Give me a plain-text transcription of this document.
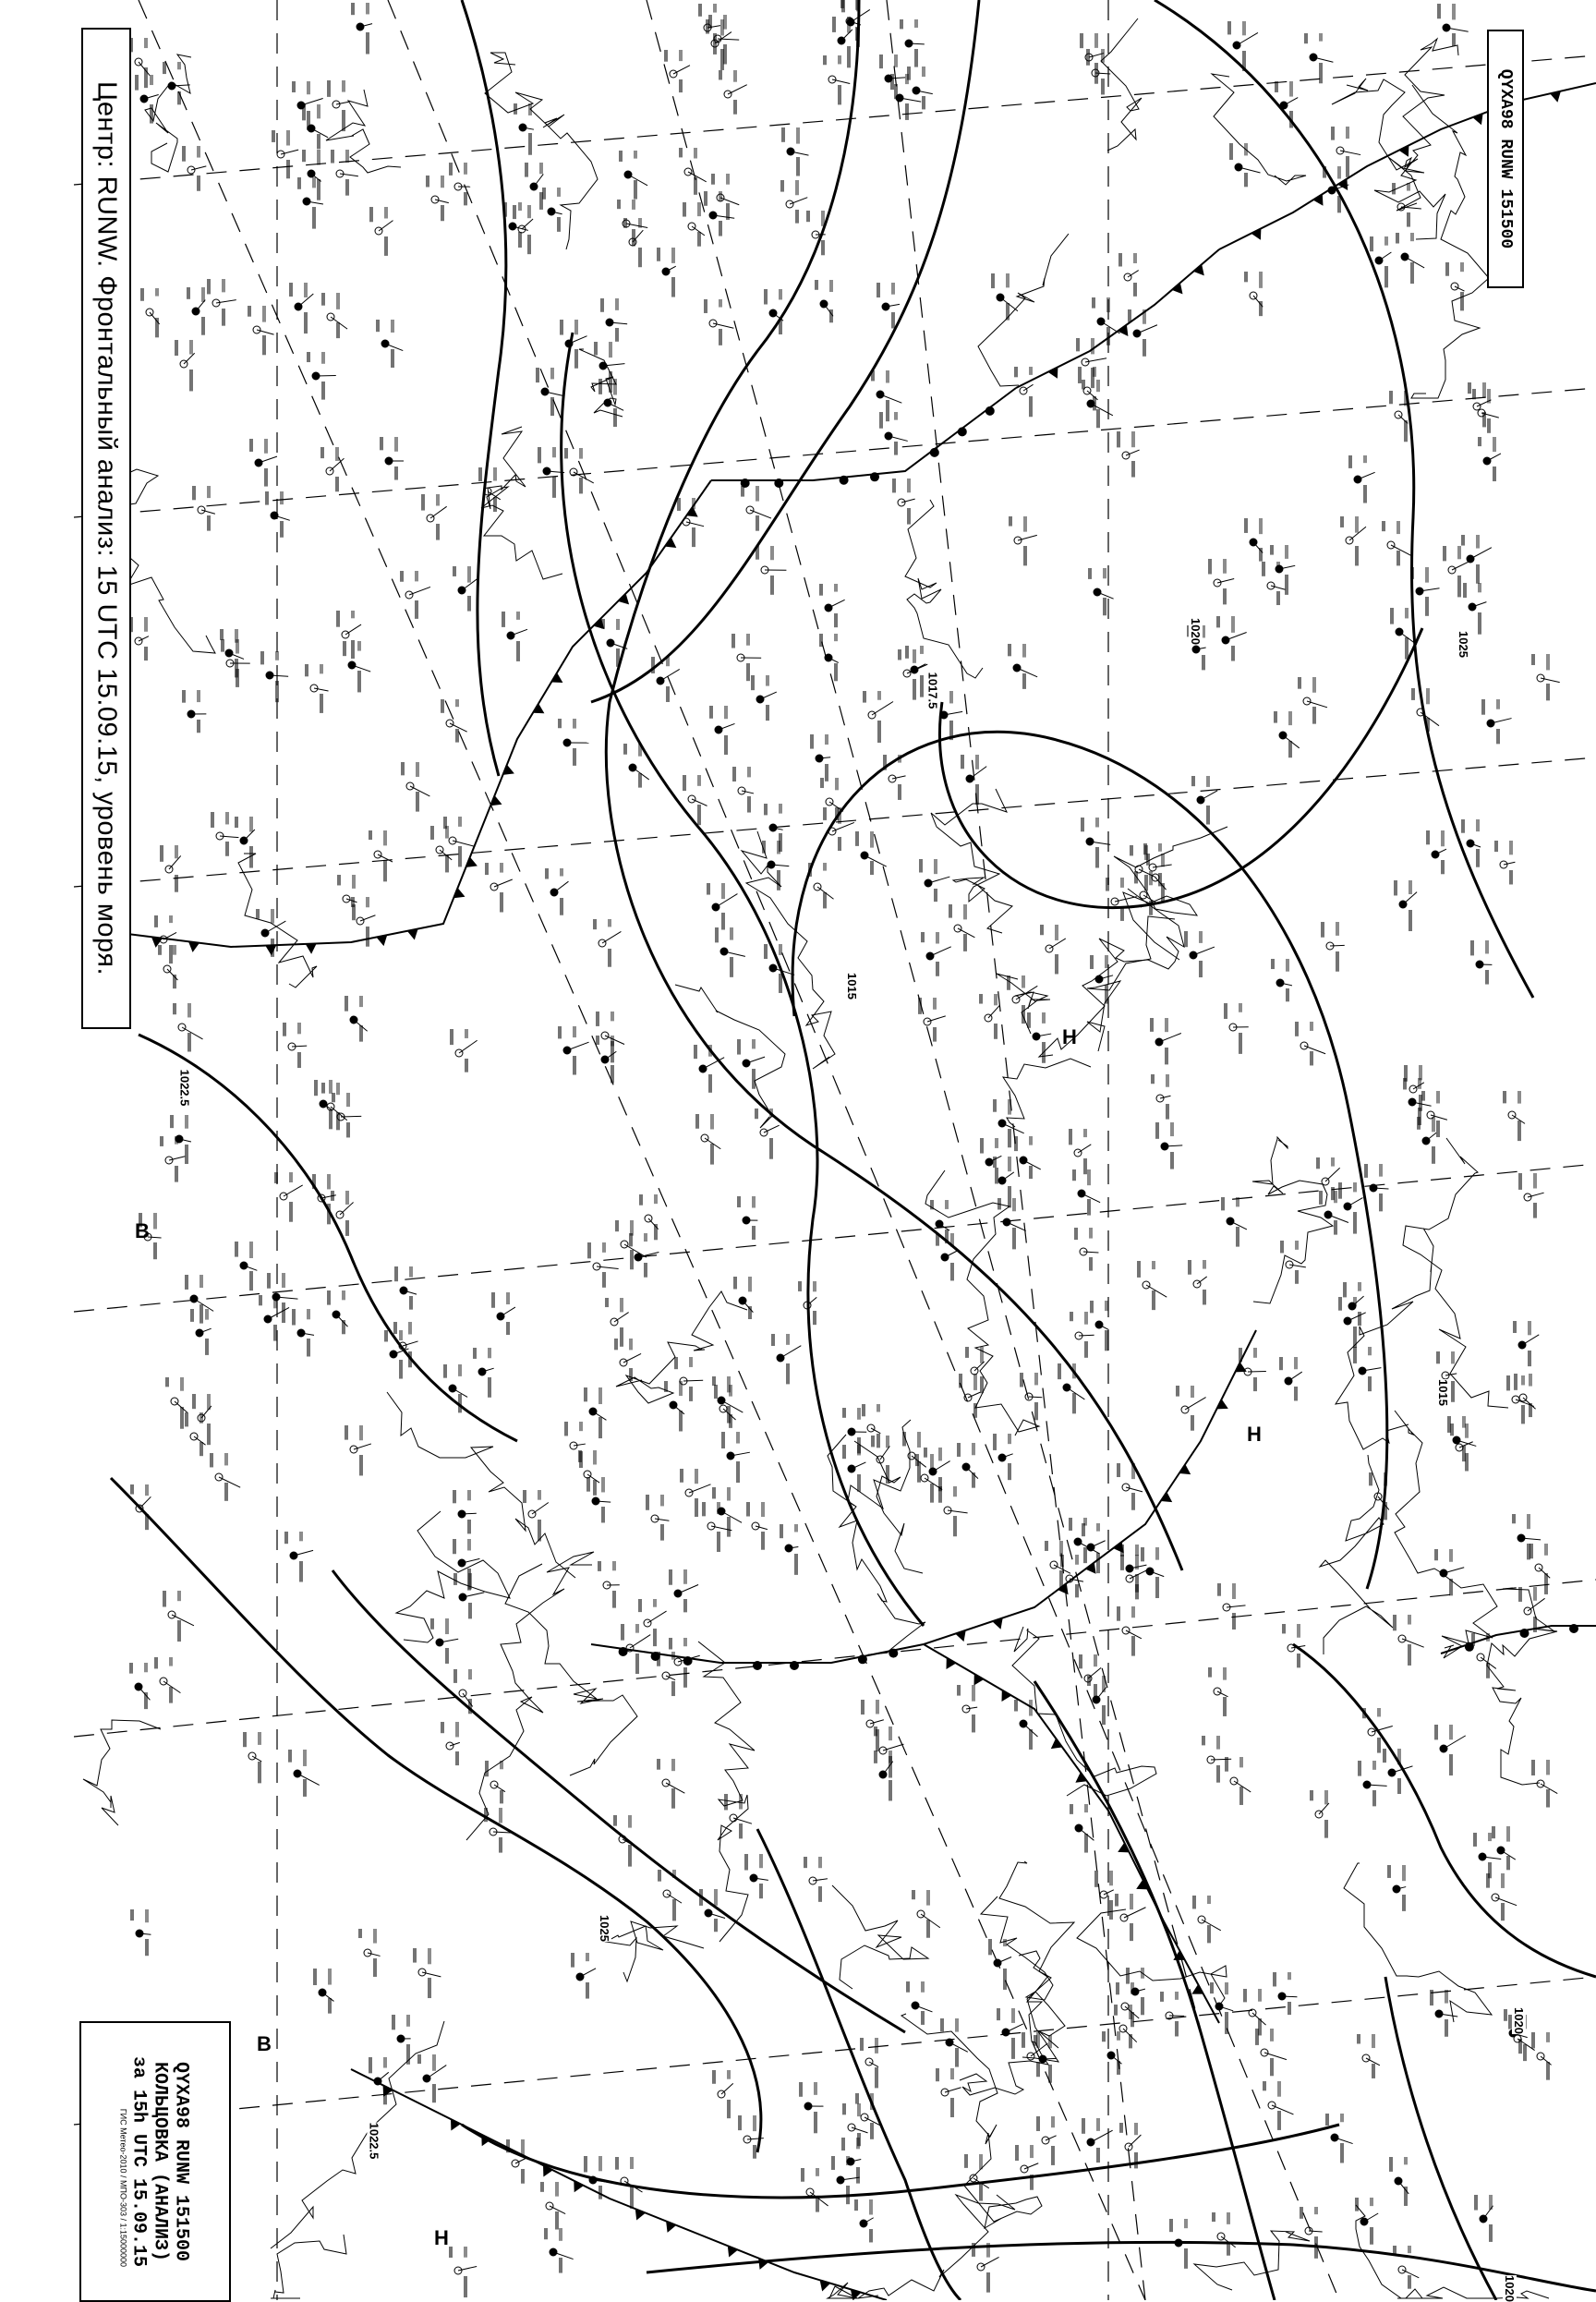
Центр: RUNW. Фронтальный анализ: 15 UTC 15.09.15, уровень моря.	QYXA98 RUNW 151500
QYXA98 RUNW 151500
КОЛЬЦОВКА (АНАЛИЗ)
за 15h UTC 15.09.15
ГИС Метео-2010 / МПО-303 / 1:15000000
Н
Н
Н
В
В
1017.5
1015
1020
1022.5
1025
1015
1020
1022.5
1025
1020
